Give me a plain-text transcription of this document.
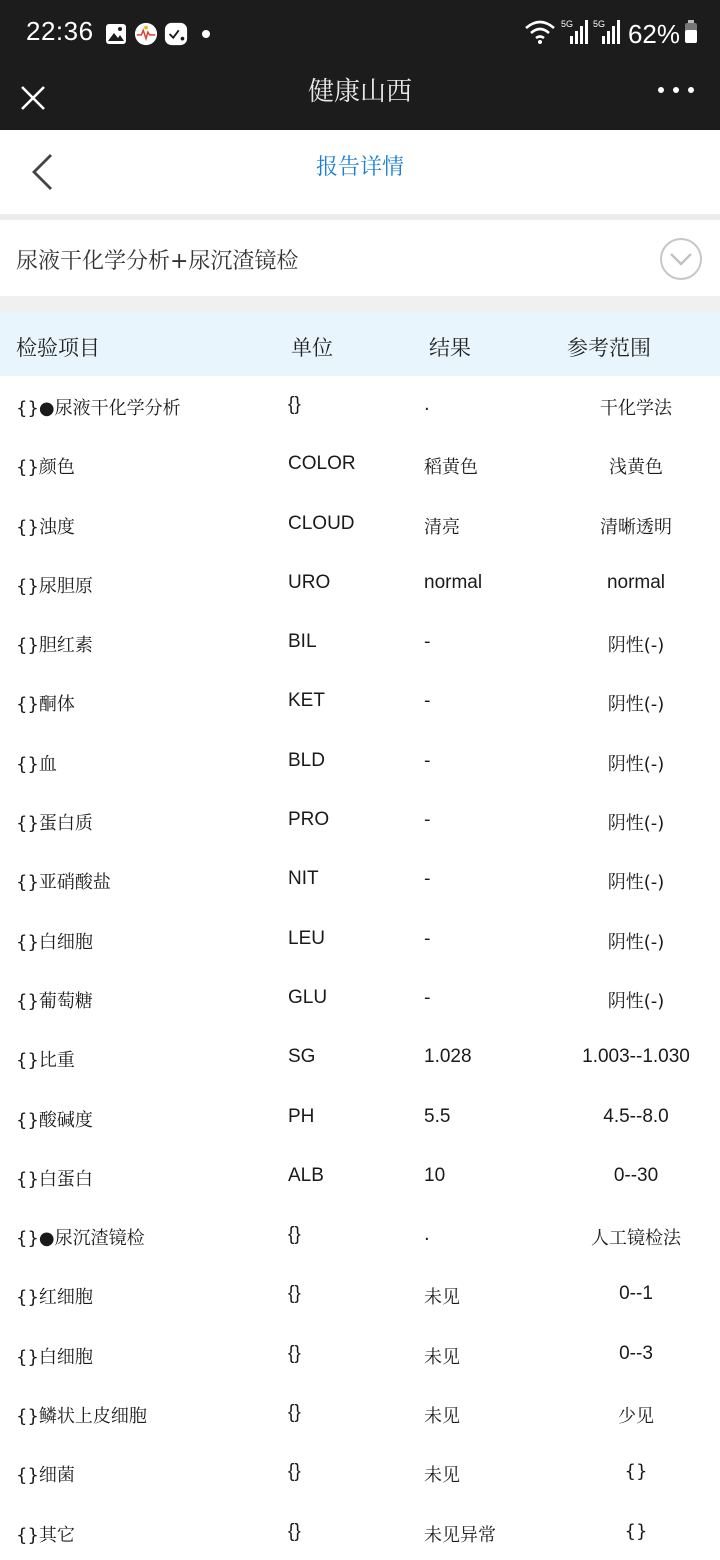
22:36	5G 5G 62%
健康山西
报告详情
尿液干化学分析+尿沉渣镜检
检验项目	单位	结果	参考范围
{}●尿液干化学分析	{}	.	干化学法
{}颜色	COLOR	稻黄色	浅黄色
{}浊度	CLOUD	清亮	清晰透明
{}尿胆原	URO	normal	normal
{}胆红素	BIL	-	阴性(-)
{}酮体	KET	-	阴性(-)
{}血	BLD	-	阴性(-)
{}蛋白质	PRO	-	阴性(-)
{}亚硝酸盐	NIT	-	阴性(-)
{}白细胞	LEU	-	阴性(-)
{}葡萄糖	GLU	-	阴性(-)
{}比重	SG	1.028	1.003--1.030
{}酸碱度	PH	5.5	4.5--8.0
{}白蛋白	ALB	10	0--30
{}●尿沉渣镜检	{}	.	人工镜检法
{}红细胞	{}	未见	0--1
{}白细胞	{}	未见	0--3
{}鳞状上皮细胞	{}	未见	少见
{}细菌	{}	未见	{}
{}其它	{}	未见异常	{}
